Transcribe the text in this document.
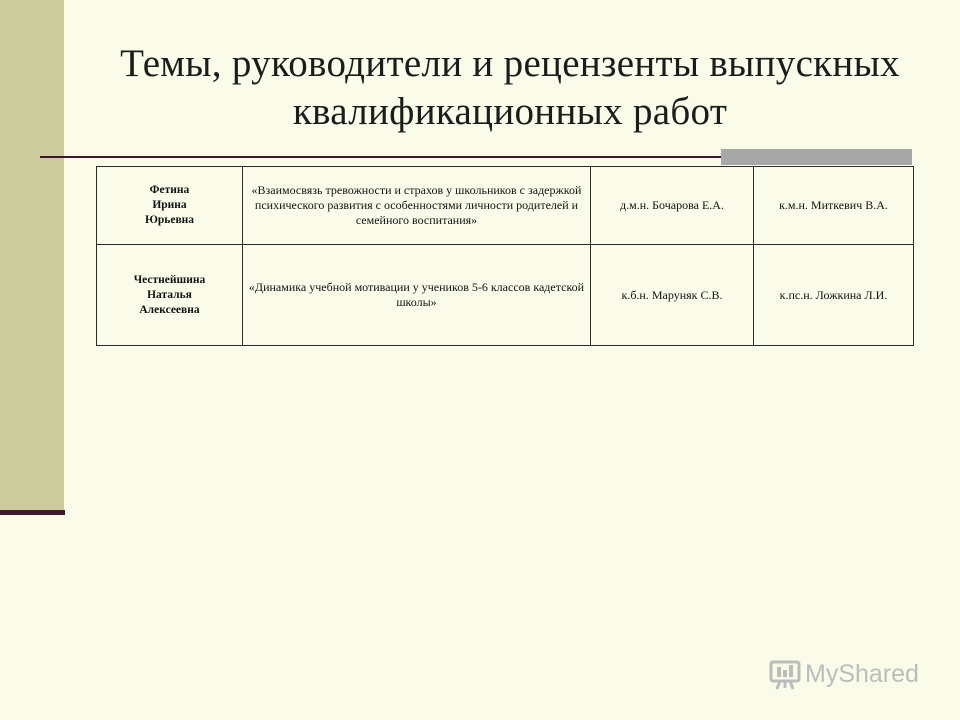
Темы, руководители и рецензенты выпускных квалификационных работ
Фетина
Ирина
Юрьевна	«Взаимосвязь тревожности и страхов у школьников с задержкой психического развития с особенностями личности родителей и семейного воспитания»	д.м.н. Бочарова Е.А.	к.м.н. Миткевич В.А.
Честнейшина
Наталья
Алексеевна	«Динамика учебной мотивации у учеников 5-6 классов кадетской школы»	к.б.н. Маруняк С.В.	к.пс.н. Ложкина Л.И.
MyShared
